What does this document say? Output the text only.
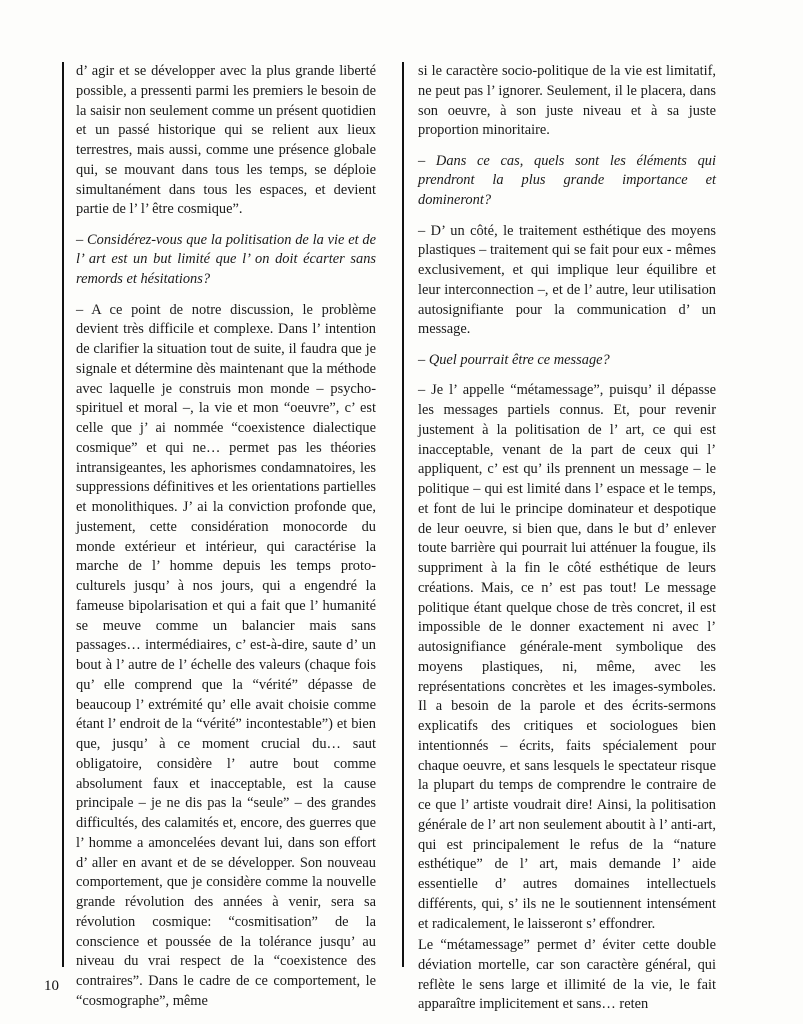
d’ agir et se développer avec la plus grande liberté possible, a pressenti parmi les premiers le besoin de la saisir non seulement comme un présent quotidien et un passé historique qui se relient aux lieux terrestres, mais aussi, comme une présence globale qui, se mouvant dans tous les temps, se déploie simultanément dans tous les espaces, et devient partie de l’ l’ être cosmique”.

– Considérez-vous que la politisation de la vie et de l’ art est un but limité que l’ on doit écarter sans remords et hésitations?

– A ce point de notre discussion, le problème devient très difficile et complexe. Dans l’ intention de clarifier la situation tout de suite, il faudra que je signale et détermine dès maintenant que la méthode avec laquelle je construis mon monde – psycho-spirituel et moral –, la vie et mon “oeuvre”, c’ est celle que j’ ai nommée “coexistence dialectique cosmique” et qui ne… permet pas les théories intransigeantes, les aphorismes condamnatoires, les suppressions définitives et les orientations partielles et monolithiques. J’ ai la conviction profonde que, justement, cette considération monocorde du monde extérieur et intérieur, qui caractérise la marche de l’ homme depuis les temps proto-culturels jusqu’ à nos jours, qui a engendré la fameuse bipolarisation et qui a fait que l’ humanité se meuve comme un balancier mais sans passages… intermédiaires, c’ est-à-dire, saute d’ un bout à l’ autre de l’ échelle des valeurs (chaque fois qu’ elle comprend que la “vérité” dépasse de beaucoup l’ extrémité qu’ elle avait choisie comme étant l’ endroit de la “vérité” incontestable”) et bien que, jusqu’ à ce moment crucial du… saut obligatoire, considère l’ autre bout comme absolument faux et inacceptable, est la cause principale – je ne dis pas la “seule” – des grandes difficultés, des calamités et, encore, des guerres que l’ homme a amoncelées devant lui, dans son effort d’ aller en avant et de se développer. Son nouveau comportement, que je considère comme la nouvelle grande révolution des années à venir, sera sa révolution cosmique: “cosmitisation” de la conscience et poussée de la tolérance jusqu’ au niveau du vrai respect de la “coexistence des contraires”. Dans le cadre de ce comportement, le “cosmographe”, même

si le caractère socio-politique de la vie est limitatif, ne peut pas l’ ignorer. Seulement, il le placera, dans son oeuvre, à son juste niveau et à sa juste proportion minoritaire.

– Dans ce cas, quels sont les éléments qui prendront la plus grande importance et domineront?

– D’ un côté, le traitement esthétique des moyens plastiques – traitement qui se fait pour eux - mêmes exclusivement, et qui implique leur équilibre et leur interconnection –, et de l’ autre, leur utilisation autosignifiante pour la communication d’ un message.

– Quel pourrait être ce message?

– Je l’ appelle “métamessage”, puisqu’ il dépasse les messages partiels connus. Et, pour revenir justement à la politisation de l’ art, ce qui est inacceptable, venant de la part de ceux qui l’ appliquent, c’ est qu’ ils prennent un message – le politique – qui est limité dans l’ espace et le temps, et font de lui le principe dominateur et despotique de leur oeuvre, si bien que, dans le but d’ enlever toute barrière qui pourrait lui atténuer la fougue, ils suppriment à la fin le côté esthétique de leurs créations. Mais, ce n’ est pas tout! Le message politique étant quelque chose de très concret, il est impossible de le donner exactement ni avec l’ autosignifiance générale-ment symbolique des moyens plastiques, ni, même, avec les représentations concrètes et les images-symboles. Il a besoin de la parole et des écrits-sermons explicatifs des critiques et sociologues bien intentionnés – écrits, faits spécialement pour chaque oeuvre, et sans lesquels le spectateur risque la plupart du temps de comprendre le contraire de ce que l’ artiste voudrait dire! Ainsi, la politisation générale de l’ art non seulement aboutit à l’ anti-art, qui est principalement le refus de la “nature esthétique” de l’ art, mais demande l’ aide essentielle d’ autres domaines intellectuels différents, qui, s’ ils ne le soutiennent intensément et radicalement, le laisseront s’ effondrer.

Le “métamessage” permet d’ éviter cette double déviation mortelle, car son caractère général, qui reflète le sens large et illimité de la vie, le fait apparaître implicitement et sans… reten

10
